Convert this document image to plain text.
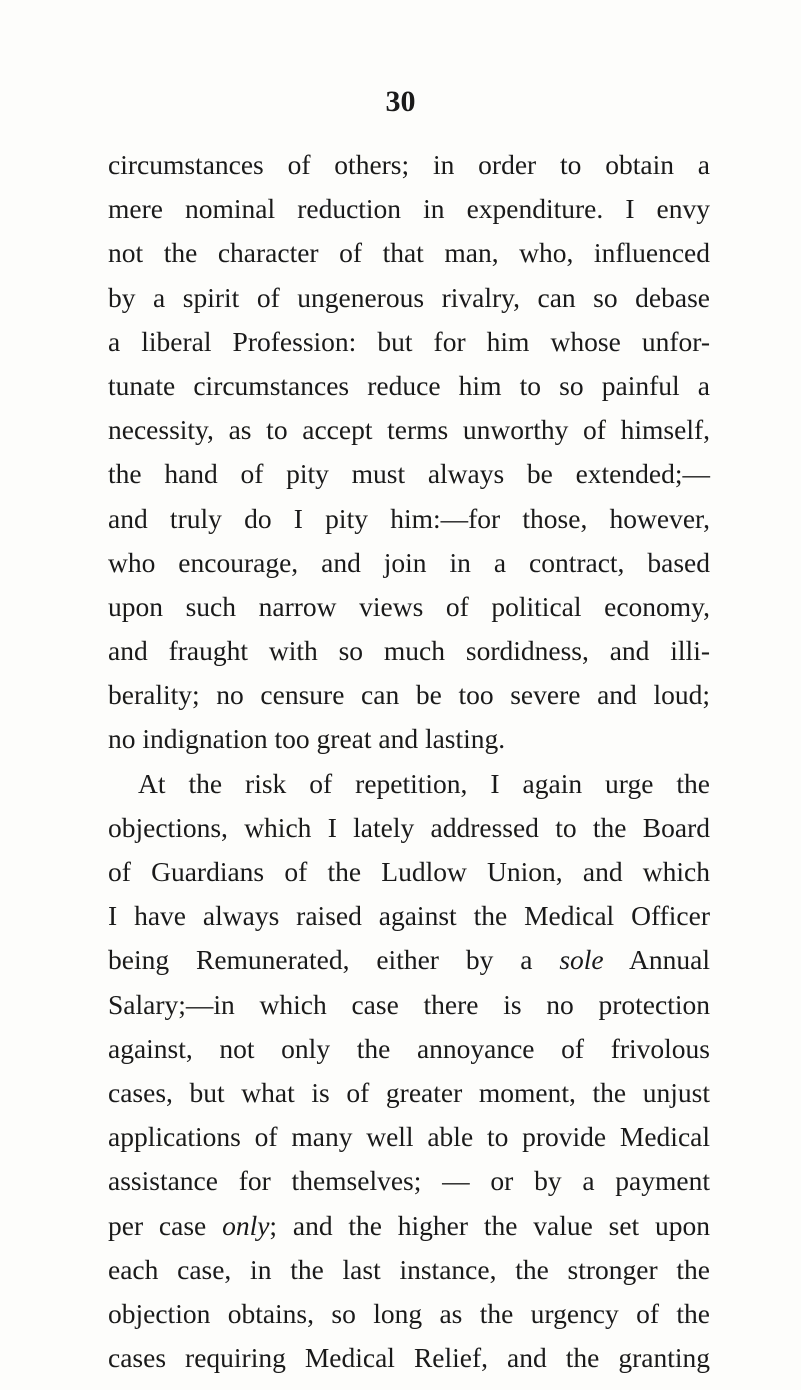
30
circumstances of others; in order to obtain a
mere nominal reduction in expenditure. I envy
not the character of that man, who, influenced
by a spirit of ungenerous rivalry, can so debase
a liberal Profession: but for him whose unfor-
tunate circumstances reduce him to so painful a
necessity, as to accept terms unworthy of himself,
the hand of pity must always be extended;—
and truly do I pity him:—for those, however,
who encourage, and join in a contract, based
upon such narrow views of political economy,
and fraught with so much sordidness, and illi-
berality; no censure can be too severe and loud;
no indignation too great and lasting.
At the risk of repetition, I again urge the
objections, which I lately addressed to the Board
of Guardians of the Ludlow Union, and which
I have always raised against the Medical Officer
being Remunerated, either by a sole Annual
Salary;—in which case there is no protection
against, not only the annoyance of frivolous
cases, but what is of greater moment, the unjust
applications of many well able to provide Medical
assistance for themselves; — or by a payment
per case only; and the higher the value set upon
each case, in the last instance, the stronger the
objection obtains, so long as the urgency of the
cases requiring Medical Relief, and the granting
